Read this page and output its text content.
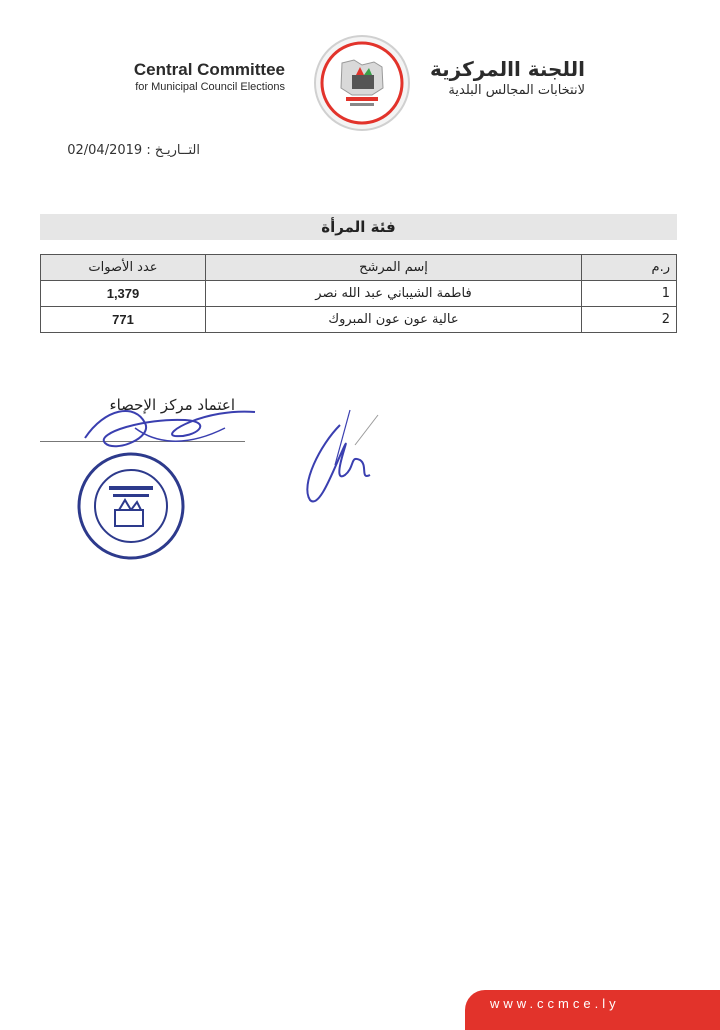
Central Committee
for Municipal Council Elections
اللجنة االمركزية
لانتخابات المجالس البلدية
التــاريـخ : 02/04/2019
فئة المرأة
ر.م	إسم المرشح	عدد الأصوات
1	فاطمة الشيباني عبد الله نصر	1,379
2	عالية عون عون المبروك	771
اعتماد مركز الإحصاء
www.ccmce.ly
